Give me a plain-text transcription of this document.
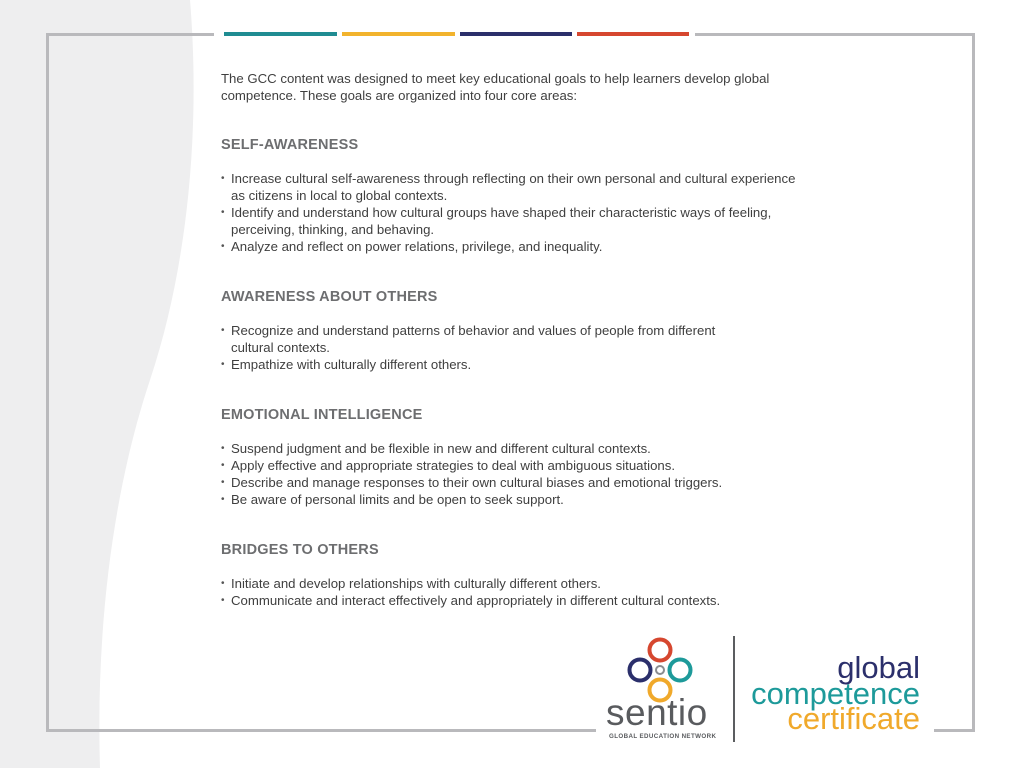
The GCC content was designed to meet key educational goals to help learners develop global competence. These goals are organized into four core areas:

SELF-AWARENESS
• Increase cultural self-awareness through reflecting on their own personal and cultural experience as citizens in local to global contexts.
• Identify and understand how cultural groups have shaped their characteristic ways of feeling, perceiving, thinking, and behaving.
• Analyze and reflect on power relations, privilege, and inequality.
AWARENESS ABOUT OTHERS
• Recognize and understand patterns of behavior and values of people from different cultural contexts.
• Empathize with culturally different others.
EMOTIONAL INTELLIGENCE
• Suspend judgment and be flexible in new and different cultural contexts.
• Apply effective and appropriate strategies to deal with ambiguous situations.
• Describe and manage responses to their own cultural biases and emotional triggers.
• Be aware of personal limits and be open to seek support.
BRIDGES TO OTHERS
• Initiate and develop relationships with culturally different others.
• Communicate and interact effectively and appropriately in different cultural contexts.
sentio
GLOBAL EDUCATION NETWORK
global
competence
certificate
